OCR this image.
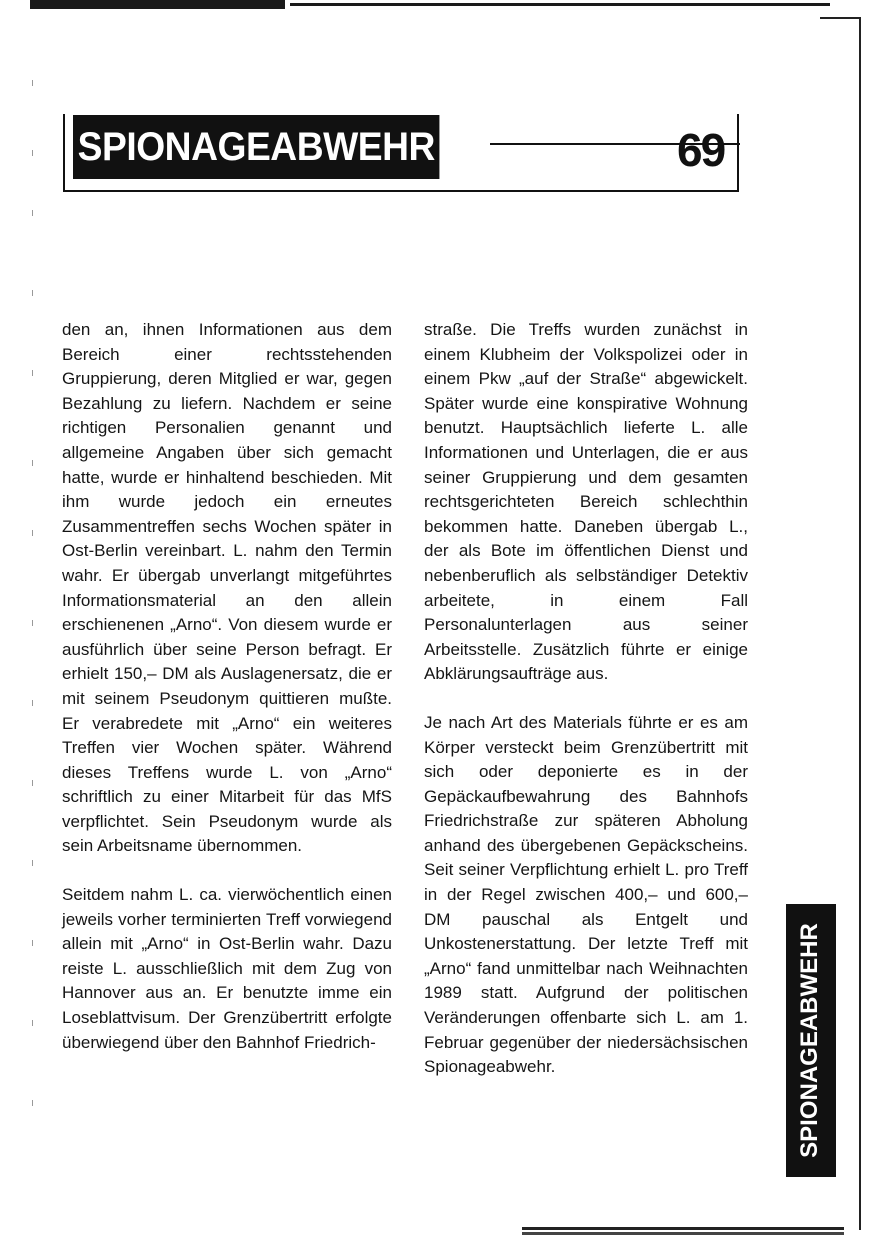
SPIONAGEABWEHR	69

den an, ihnen Informationen aus dem Bereich einer rechtsstehenden Gruppierung, deren Mitglied er war, gegen Bezahlung zu liefern. Nachdem er seine richtigen Personalien genannt und allgemeine Angaben über sich gemacht hatte, wurde er hinhaltend beschieden. Mit ihm wurde jedoch ein erneutes Zusammentreffen sechs Wochen später in Ost-Berlin vereinbart. L. nahm den Termin wahr. Er übergab unverlangt mitgeführtes Informationsmaterial an den allein erschienenen „Arno“. Von diesem wurde er ausführlich über seine Person befragt. Er erhielt 150,– DM als Auslagenersatz, die er mit seinem Pseudonym quittieren mußte. Er verabredete mit „Arno“ ein weiteres Treffen vier Wochen später. Während dieses Treffens wurde L. von „Arno“ schriftlich zu einer Mitarbeit für das MfS verpflichtet. Sein Pseudonym wurde als sein Arbeitsname übernommen.

Seitdem nahm L. ca. vierwöchentlich einen jeweils vorher terminierten Treff vorwiegend allein mit „Arno“ in Ost-Berlin wahr. Dazu reiste L. ausschließlich mit dem Zug von Hannover aus an. Er benutzte imme ein Loseblattvisum. Der Grenzübertritt erfolgte überwiegend über den Bahnhof Friedrich-

straße. Die Treffs wurden zunächst in einem Klubheim der Volkspolizei oder in einem Pkw „auf der Straße“ abgewickelt. Später wurde eine konspirative Wohnung benutzt. Hauptsächlich lieferte L. alle Informationen und Unterlagen, die er aus seiner Gruppierung und dem gesamten rechtsgerichteten Bereich schlechthin bekommen hatte. Daneben übergab L., der als Bote im öffentlichen Dienst und nebenberuflich als selbständiger Detektiv arbeitete, in einem Fall Personalunterlagen aus seiner Arbeitsstelle. Zusätzlich führte er einige Abklärungsaufträge aus.

Je nach Art des Materials führte er es am Körper versteckt beim Grenzübertritt mit sich oder deponierte es in der Gepäckaufbewahrung des Bahnhofs Friedrichstraße zur späteren Abholung anhand des übergebenen Gepäckscheins. Seit seiner Verpflichtung erhielt L. pro Treff in der Regel zwischen 400,– und 600,– DM pauschal als Entgelt und Unkostenerstattung. Der letzte Treff mit „Arno“ fand unmittelbar nach Weihnachten 1989 statt. Aufgrund der politischen Veränderungen offenbarte sich L. am 1. Februar gegenüber der niedersächsischen Spionageabwehr.	SPIONAGEABWEHR
